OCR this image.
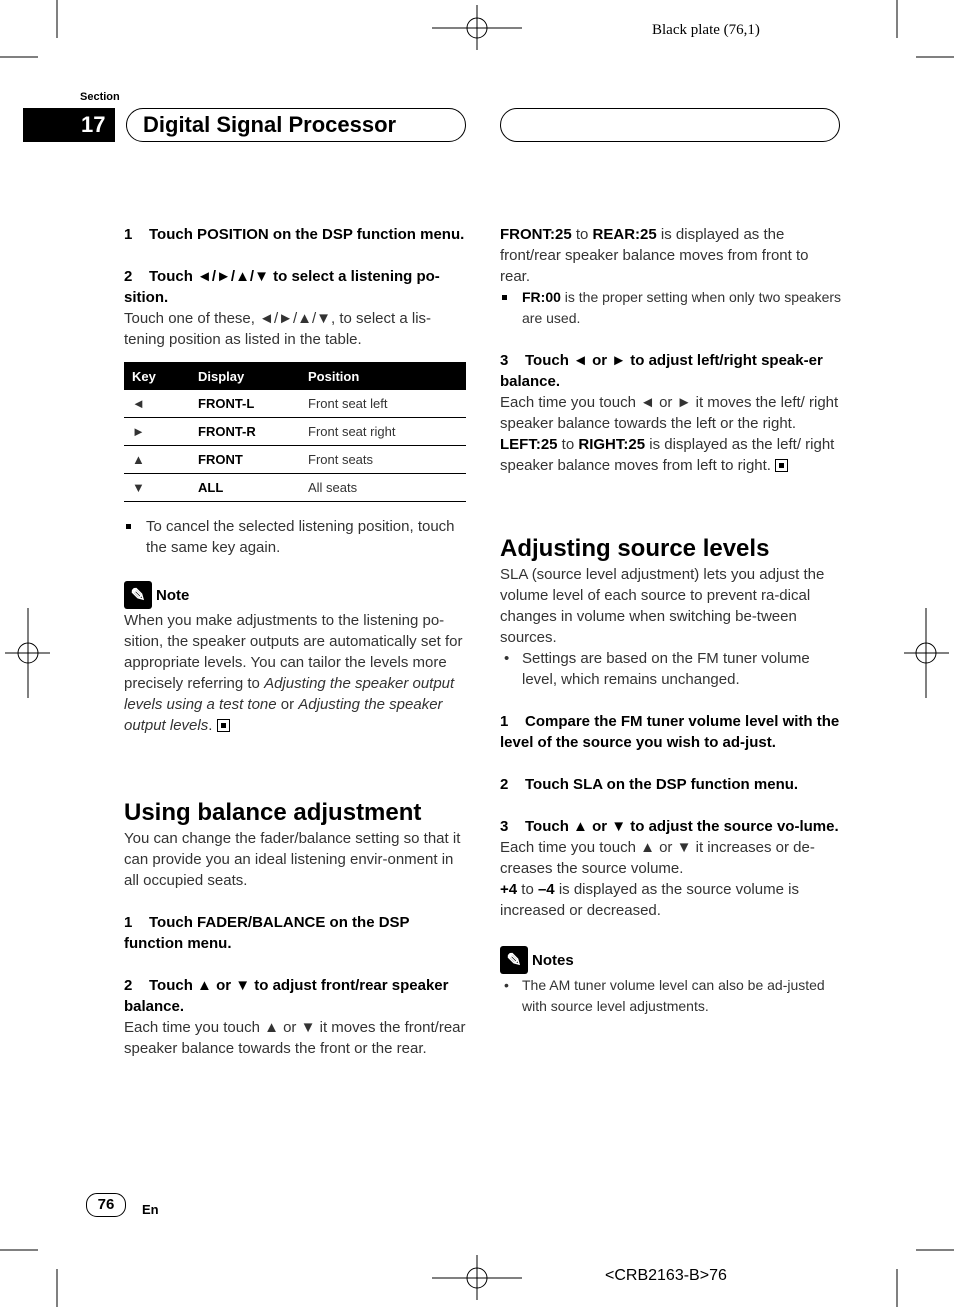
Black plate (76,1)
Section
17 Digital Signal Processor

1    Touch POSITION on the DSP function menu.

2    Touch ◄/►/▲/▼ to select a listening po-sition.

Touch one of these, ◄/►/▲/▼, to select a lis-tening position as listed in the table.

Key	Display	Position
◄	FRONT-L	Front seat left
►	FRONT-R	Front seat right
▲	FRONT	Front seats
▼	ALL	All seats

To cancel the selected listening position, touch the same key again.

✎ Note

When you make adjustments to the listening po-sition, the speaker outputs are automatically set for appropriate levels. You can tailor the levels more precisely referring to Adjusting the speaker output levels using a test tone or Adjusting the speaker output levels.

Using balance adjustment

You can change the fader/balance setting so that it can provide you an ideal listening envir-onment in all occupied seats.

1    Touch FADER/BALANCE on the DSP function menu.

2    Touch ▲ or ▼ to adjust front/rear speaker balance.

Each time you touch ▲ or ▼ it moves the front/rear speaker balance towards the front or the rear.

FRONT:25 to REAR:25 is displayed as the front/rear speaker balance moves from front to rear.

FR:00 is the proper setting when only two speakers are used.

3    Touch ◄ or ► to adjust left/right speak-er balance.

Each time you touch ◄ or ► it moves the left/ right speaker balance towards the left or the right.

LEFT:25 to RIGHT:25 is displayed as the left/ right speaker balance moves from left to right.

Adjusting source levels

SLA (source level adjustment) lets you adjust the volume level of each source to prevent ra-dical changes in volume when switching be-tween sources.

• Settings are based on the FM tuner volume level, which remains unchanged.

1    Compare the FM tuner volume level with the level of the source you wish to ad-just.

2    Touch SLA on the DSP function menu.

3    Touch ▲ or ▼ to adjust the source vo-lume.

Each time you touch ▲ or ▼ it increases or de-creases the source volume.

+4 to –4 is displayed as the source volume is increased or decreased.

✎ Notes

• The AM tuner volume level can also be ad-justed with source level adjustments.

76	En
<CRB2163-B>76
